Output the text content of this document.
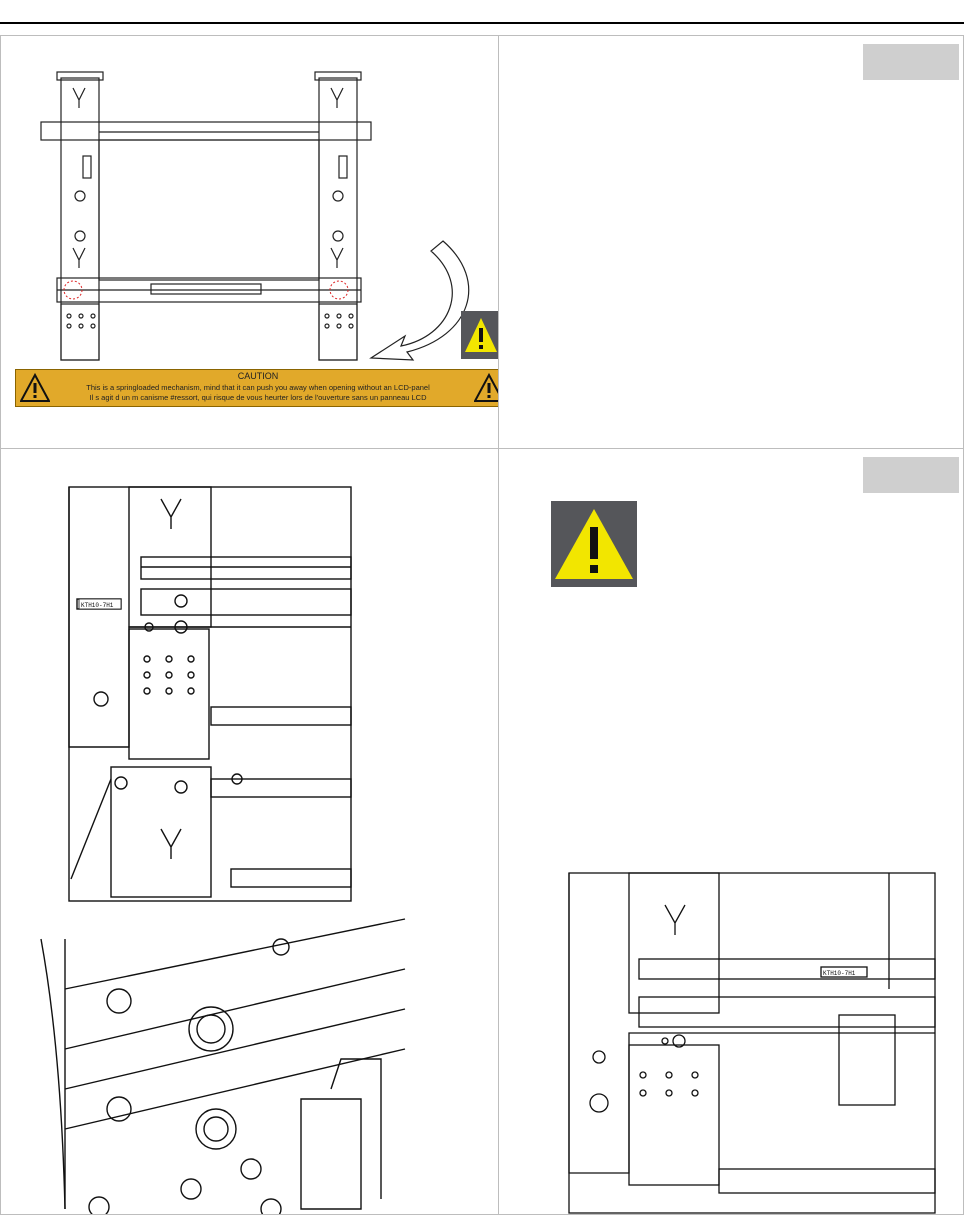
CAUTION
This is a springloaded mechanism, mind that it can push you away when opening without an LCD-panel
Il s agit d un m canisme #ressort, qui risque de vous heurter lors de l'ouverture sans un panneau LCD
KTH10-7H1
KTH10-7H1
